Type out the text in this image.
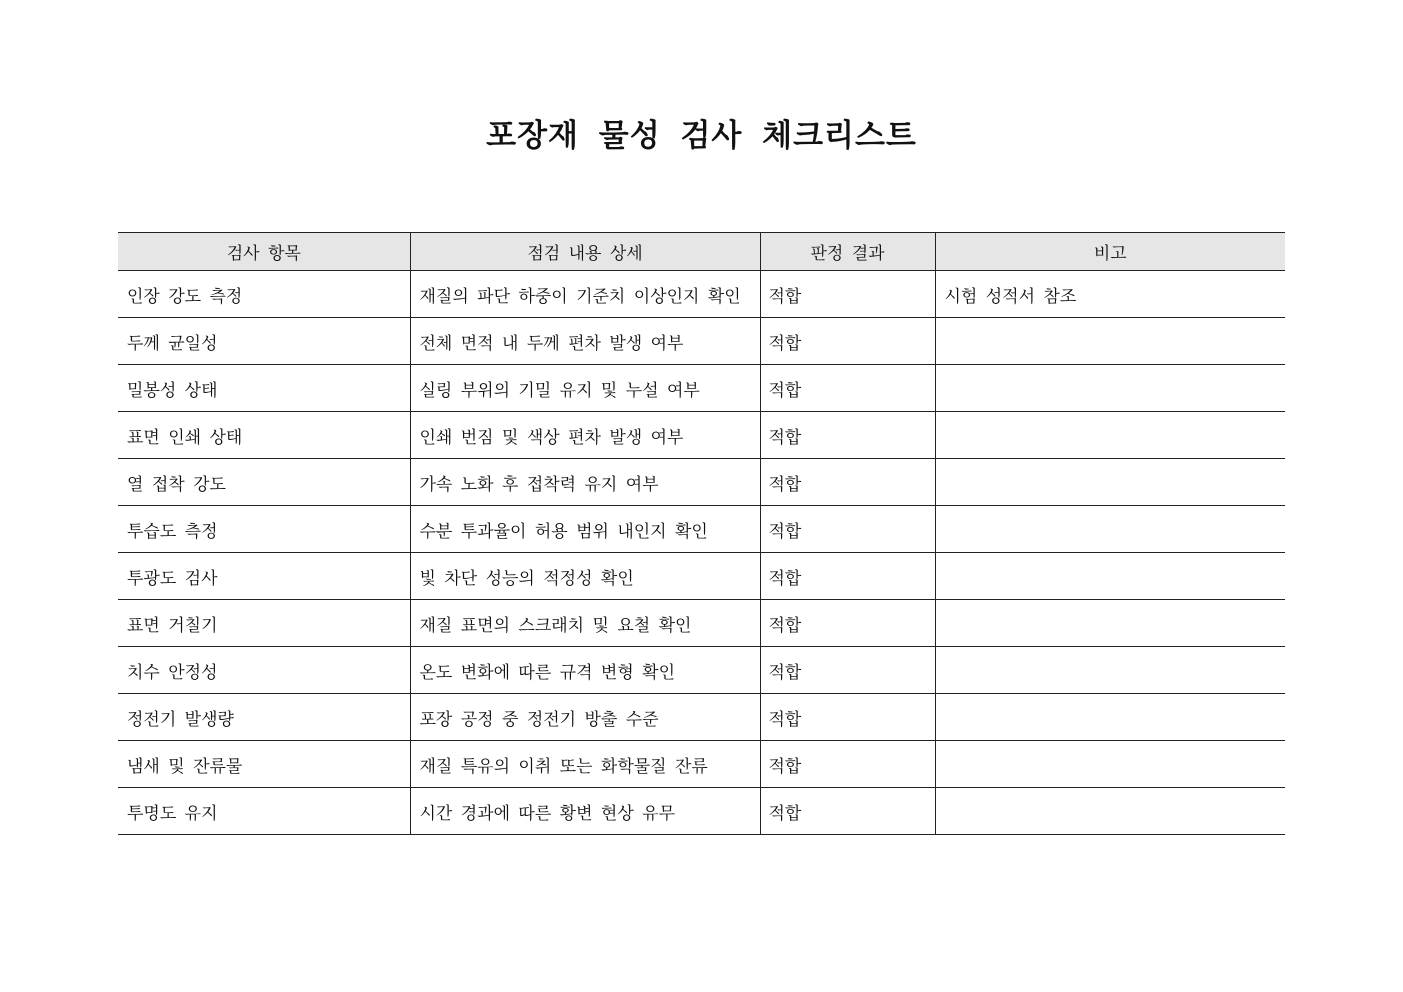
포장재 물성 검사 체크리스트
검사 항목	점검 내용 상세	판정 결과	비고
인장 강도 측정	재질의 파단 하중이 기준치 이상인지 확인	적합	시험 성적서 참조
두께 균일성	전체 면적 내 두께 편차 발생 여부	적합	
밀봉성 상태	실링 부위의 기밀 유지 및 누설 여부	적합	
표면 인쇄 상태	인쇄 번짐 및 색상 편차 발생 여부	적합	
열 접착 강도	가속 노화 후 접착력 유지 여부	적합	
투습도 측정	수분 투과율이 허용 범위 내인지 확인	적합	
투광도 검사	빛 차단 성능의 적정성 확인	적합	
표면 거칠기	재질 표면의 스크래치 및 요철 확인	적합	
치수 안정성	온도 변화에 따른 규격 변형 확인	적합	
정전기 발생량	포장 공정 중 정전기 방출 수준	적합	
냄새 및 잔류물	재질 특유의 이취 또는 화학물질 잔류	적합	
투명도 유지	시간 경과에 따른 황변 현상 유무	적합	
